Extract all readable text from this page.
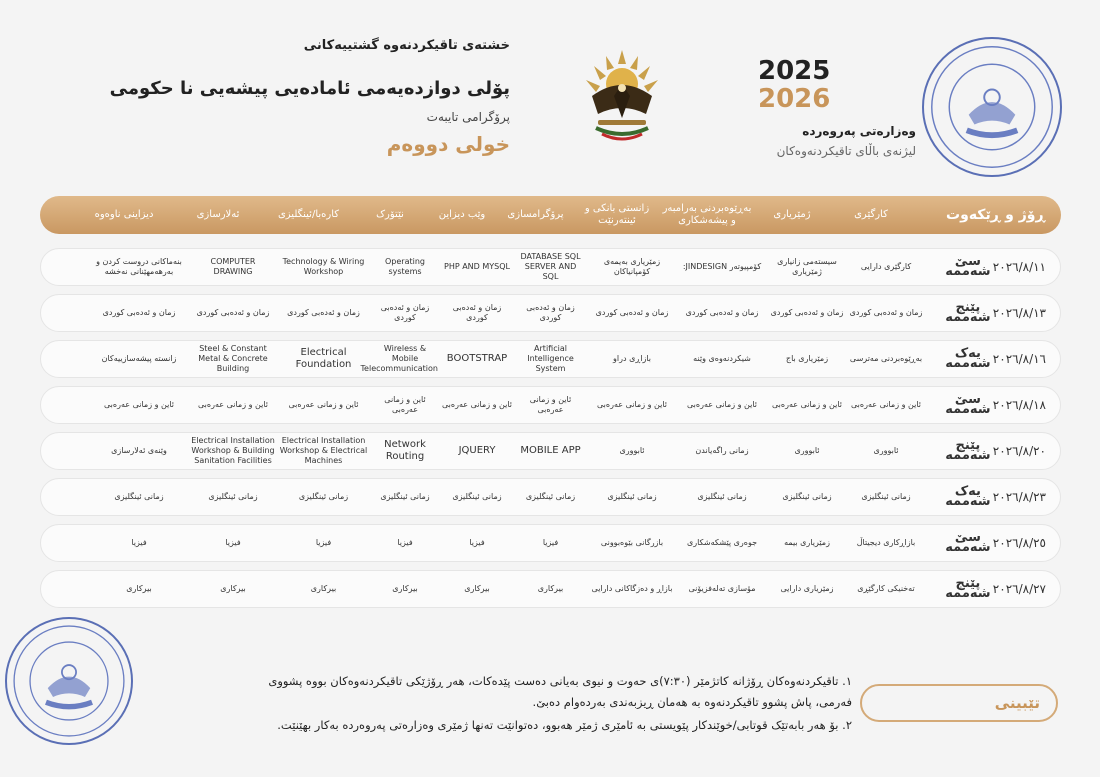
خشتەی تاقیکردنەوە گشتییەکانی
پۆلی دوازدەیەمی ئامادەیی پیشەیی نا حکومی
پرۆگرامی تایبەت
خولی دووەم
2025
2026
وەزارەتی پەروەردە
لیژنەی باڵای تاقیکردنەوەکان
ڕۆژ و ڕێکەوت
کارگێری
ژمێریاری
بەڕێوەبردنی بەرامبەر و پیشەشکاری
زانستی بانکی و ئینتەرنێت
پرۆگرامسازی
وێب دیزاین
نێتۆرک
کارەبا/ئینگلیزی
ئەلارسازی
دیزاینی ناوەوە
سێ شەممە ٢٠٢٦/٨/١١
کارگێری دارایی
سیستەمی زانیاری ژمێریاری
کۆمپیوتەر JINDESIGN:
زمێریاری بەیمەی کۆمپانیاکان
DATABASE SQL SERVER AND SQL
PHP AND MYSQL
Operating systems
Technology & Wiring Workshop
COMPUTER DRAWING
بنەماکانی دروست کردن و بەرهەمهێنانی نەخشە
پێنج شەممە ٢٠٢٦/٨/١٣
زمان و ئەدەبی کوردی
زمان و ئەدەبی کوردی
زمان و ئەدەبی کوردی
زمان و ئەدەبی کوردی
زمان و ئەدەبی کوردی
زمان و ئەدەبی کوردی
زمان و ئەدەبی کوردی
زمان و ئەدەبی کوردی
زمان و ئەدەبی کوردی
زمان و ئەدەبی کوردی
یەک شەممە ٢٠٢٦/٨/١٦
بەڕێوەبردنی مەترسی
زمێریاری باج
شیکردنەوەی وێنە
بازاڕی دراو
Artificial Intelligence System
BOOTSTRAP
Wireless & Mobile Telecommunication
Electrical Foundation
Steel & Constant Metal & Concrete Building
زانستە پیشەسازییەکان
سێ شەممە ٢٠٢٦/٨/١٨
ئاین و زمانی عەرەبی
ئاین و زمانی عەرەبی
ئاین و زمانی عەرەبی
ئاین و زمانی عەرەبی
ئاین و زمانی عەرەبی
ئاین و زمانی عەرەبی
ئاین و زمانی عەرەبی
ئاین و زمانی عەرەبی
ئاین و زمانی عەرەبی
ئاین و زمانی عەرەبی
پێنج شەممە ٢٠٢٦/٨/٢٠
ئابووری
ئابووری
زمانی راگەیاندن
ئابووری
MOBILE APP
JQUERY
Network Routing
Electrical Installation Workshop & Electrical Machines
Electrical Installation Workshop & Building Sanitation Facilities
وێنەی ئەلارسازی
یەک شەممە ٢٠٢٦/٨/٢٣
زمانی ئینگلیزی
زمانی ئینگلیزی
زمانی ئینگلیزی
زمانی ئینگلیزی
زمانی ئینگلیزی
زمانی ئینگلیزی
زمانی ئینگلیزی
زمانی ئینگلیزی
زمانی ئینگلیزی
زمانی ئینگلیزی
سێ شەممە ٢٠٢٦/٨/٢٥
بازاڕکاری دیجیتاڵ
زمێریاری بیمە
جوەری پێشکەشکاری
بازرگانی بێوەبوونی
فیزیا
فیزیا
فیزیا
فیزیا
فیزیا
فیزیا
پێنج شەممە ٢٠٢٦/٨/٢٧
تەخنیکی کارگێڕی
زمێریاری دارایی
مۆسازی تەلەفزیۆنی
بازاڕ و دەزگاکانی دارایی
بیرکاری
بیرکاری
بیرکاری
بیرکاری
بیرکاری
بیرکاری
تێبینی
١. تاقیکردنەوەکان ڕۆژانە کاتژمێر (٧:٣٠)ی حەوت و نیوی بەیانی دەست پێدەکات، هەر ڕۆژێکی تاقیکردنەوەکان بووە پشووی
فەرمی، پاش پشوو تاقیکردنەوە بە هەمان ڕیزبەندی بەردەوام دەبێ.
٢. بۆ هەر بابەتێک قوتابی/خوێندکار پێویستی بە ئامێری ژمێر هەبوو، دەتوانێت تەنها ژمێری وەزارەتی پەروەردە بەکار بهێنێت.
